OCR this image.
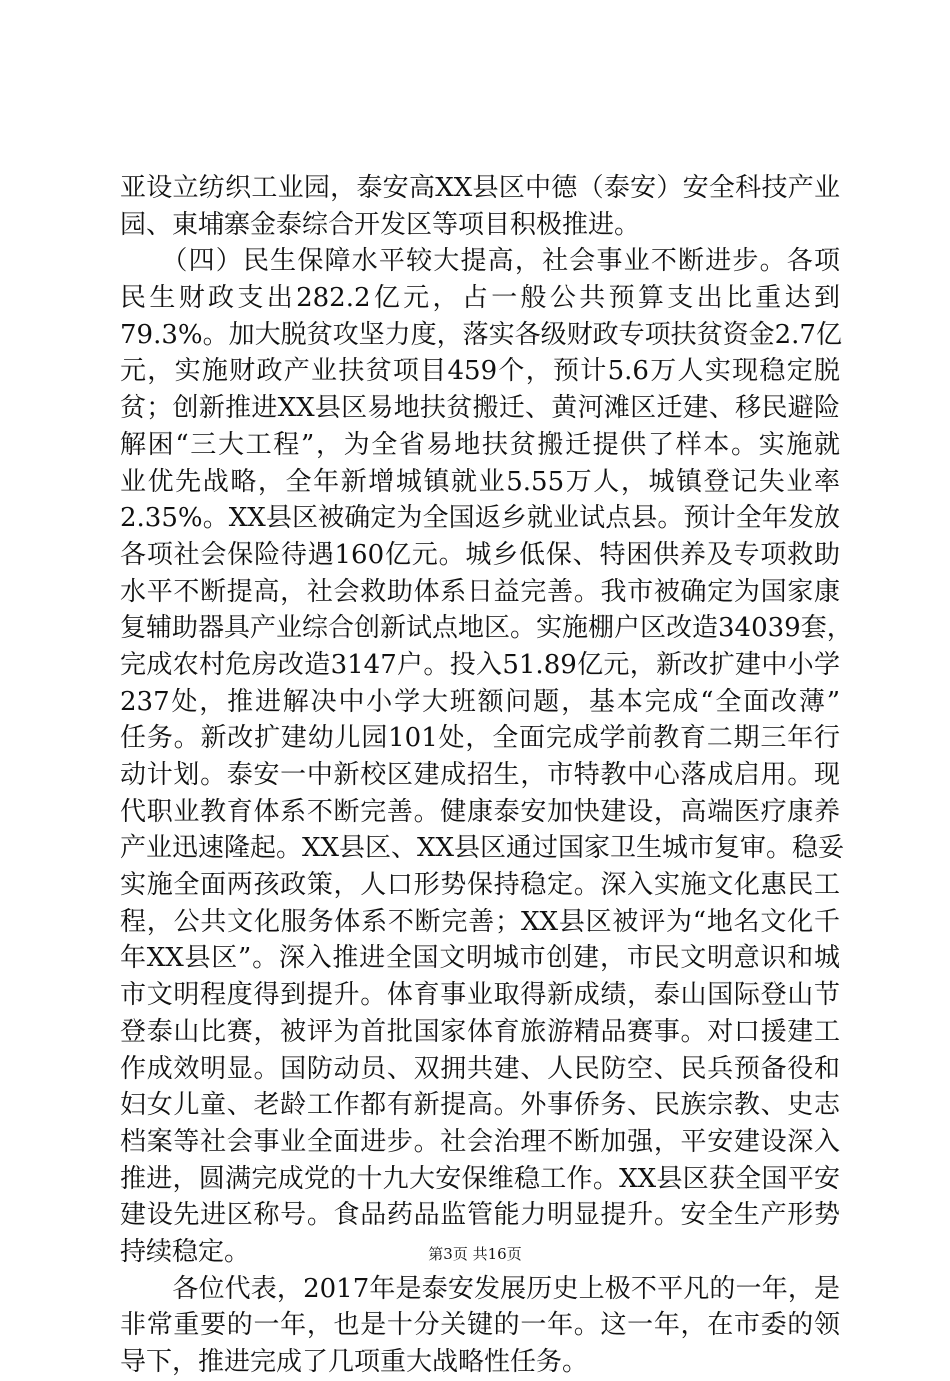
亚设立纺织工业园，泰安高XX县区中德（泰安）安全科技产业
园、東埔寨金泰综合开发区等项目积极推进。
　　（四）民生保障水平较大提高，社会事业不断进步。各项
民生财政支出282.2亿元，占一般公共预算支出比重达到
79.3%。加大脱贫攻坚力度，落实各级财政专项扶贫资金2.7亿
元，实施财政产业扶贫项目459个，预计5.6万人实现稳定脱
贫；创新推进XX县区易地扶贫搬迁、黄河滩区迁建、移民避险
解困“三大工程”，为全省易地扶贫搬迁提供了样本。实施就
业优先战略，全年新增城镇就业5.55万人，城镇登记失业率
2.35%。XX县区被确定为全国返乡就业试点县。预计全年发放
各项社会保险待遇160亿元。城乡低保、特困供养及专项救助
水平不断提高，社会救助体系日益完善。我市被确定为国家康
复辅助器具产业综合创新试点地区。实施棚户区改造34039套，
完成农村危房改造3147户。投入51.89亿元，新改扩建中小学
237处，推进解决中小学大班额问题，基本完成“全面改薄”
任务。新改扩建幼儿园101处，全面完成学前教育二期三年行
动计划。泰安一中新校区建成招生，市特教中心落成启用。现
代职业教育体系不断完善。健康泰安加快建设，高端医疗康养
产业迅速隆起。XX县区、XX县区通过国家卫生城市复审。稳妥
实施全面两孩政策，人口形势保持稳定。深入实施文化惠民工
程，公共文化服务体系不断完善；XX县区被评为“地名文化千
年XX县区”。深入推进全国文明城市创建，市民文明意识和城
市文明程度得到提升。体育事业取得新成绩，泰山国际登山节
登泰山比赛，被评为首批国家体育旅游精品赛事。对口援建工
作成效明显。国防动员、双拥共建、人民防空、民兵预备役和
妇女儿童、老龄工作都有新提高。外事侨务、民族宗教、史志
档案等社会事业全面进步。社会治理不断加强，平安建设深入
推进，圆满完成党的十九大安保维稳工作。XX县区获全国平安
建设先进区称号。食品药品监管能力明显提升。安全生产形势
持续稳定。
　　各位代表，2017年是泰安发展历史上极不平凡的一年，是
非常重要的一年，也是十分关键的一年。这一年，在市委的领
导下，推进完成了几项重大战略性任务。
第3页 共16页
